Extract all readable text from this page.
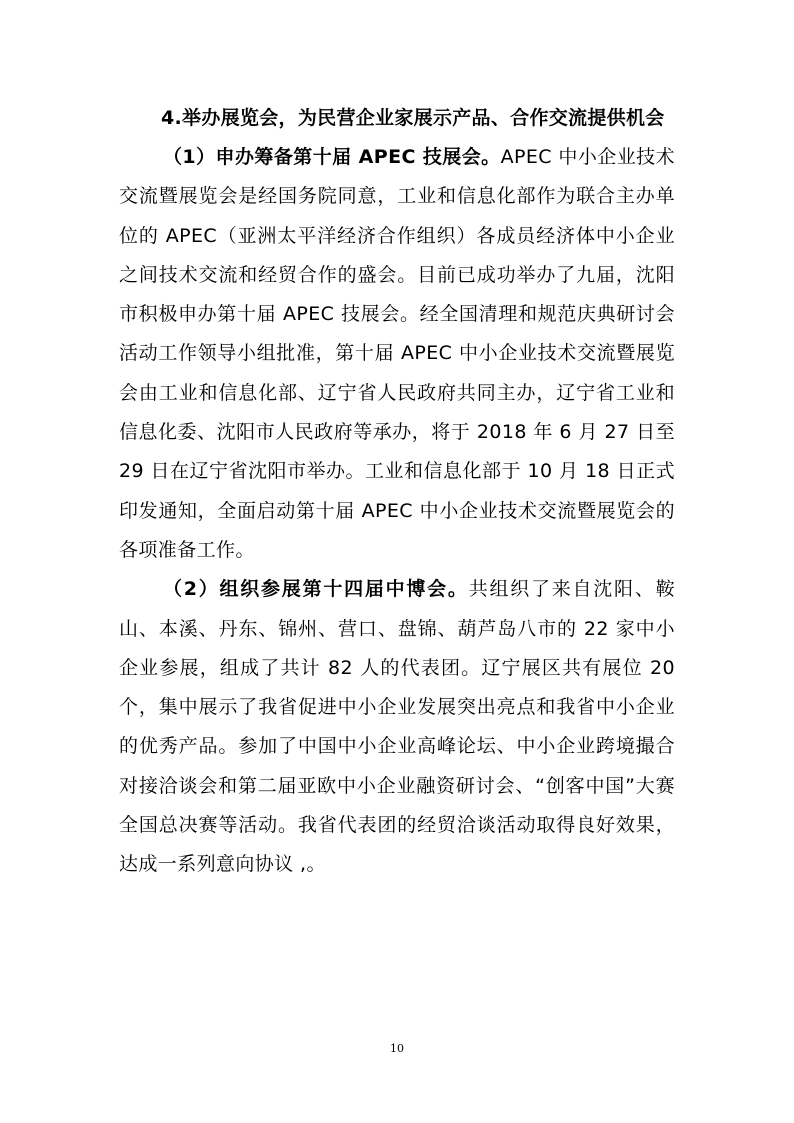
4.举办展览会，为民营企业家展示产品、合作交流提供机会

（1）申办筹备第十届 APEC 技展会。APEC 中小企业技术交流暨展览会是经国务院同意，工业和信息化部作为联合主办单位的 APEC（亚洲太平洋经济合作组织）各成员经济体中小企业之间技术交流和经贸合作的盛会。目前已成功举办了九届，沈阳市积极申办第十届 APEC 技展会。经全国清理和规范庆典研讨会活动工作领导小组批准，第十届 APEC 中小企业技术交流暨展览会由工业和信息化部、辽宁省人民政府共同主办，辽宁省工业和信息化委、沈阳市人民政府等承办，将于 2018 年 6 月 27 日至 29 日在辽宁省沈阳市举办。工业和信息化部于 10 月 18 日正式印发通知，全面启动第十届 APEC 中小企业技术交流暨展览会的各项准备工作。

（2）组织参展第十四届中博会。共组织了来自沈阳、鞍山、本溪、丹东、锦州、营口、盘锦、葫芦岛八市的 22 家中小企业参展，组成了共计 82 人的代表团。辽宁展区共有展位 20 个，集中展示了我省促进中小企业发展突出亮点和我省中小企业的优秀产品。参加了中国中小企业高峰论坛、中小企业跨境撮合对接洽谈会和第二届亚欧中小企业融资研讨会、“创客中国”大赛全国总决赛等活动。我省代表团的经贸洽谈活动取得良好效果，达成一系列意向协议 ,。

10
